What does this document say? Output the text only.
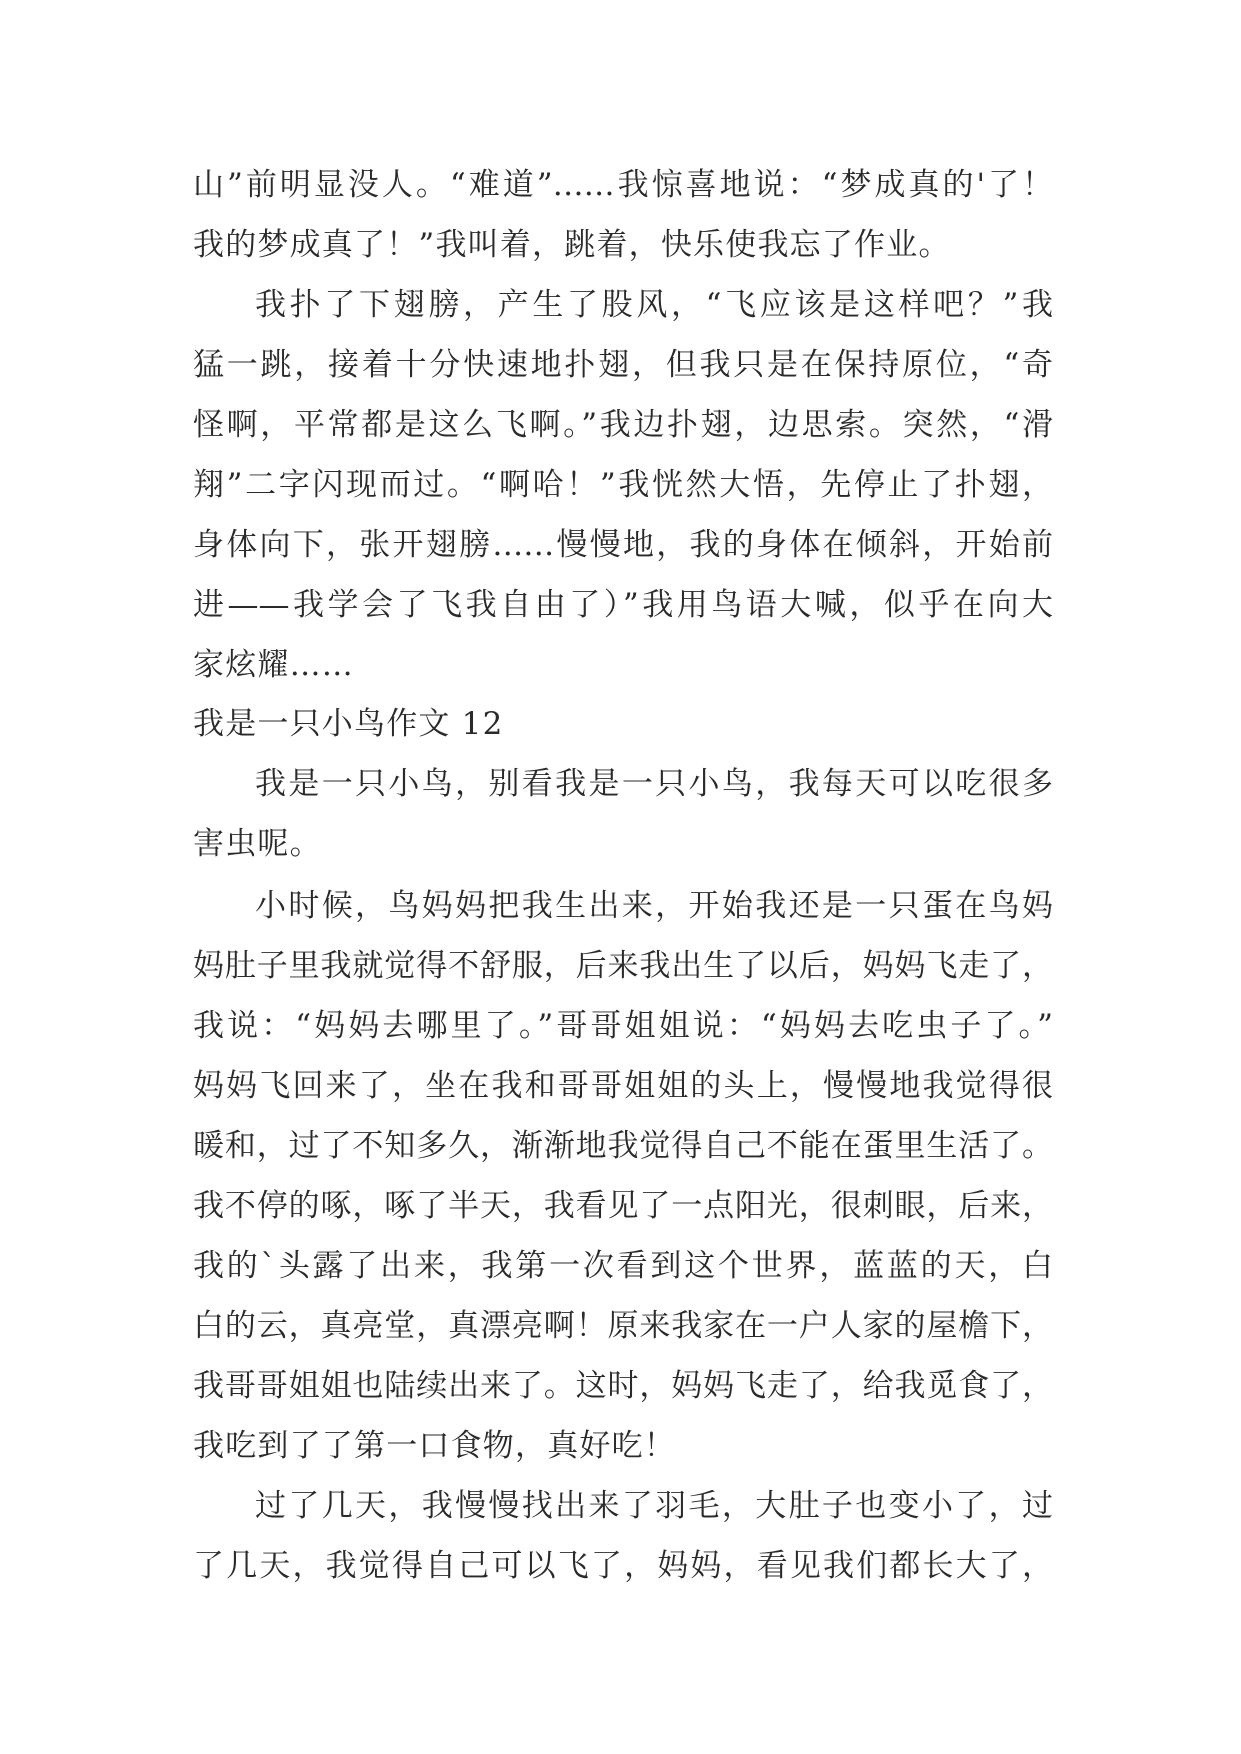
山”前明显没人。“难道”……我惊喜地说：“梦成真的'了！
我的梦成真了！”我叫着，跳着，快乐使我忘了作业。
我扑了下翅膀，产生了股风，“飞应该是这样吧？”我
猛一跳，接着十分快速地扑翅，但我只是在保持原位，“奇
怪啊，平常都是这么飞啊。”我边扑翅，边思索。突然，“滑
翔”二字闪现而过。“啊哈！”我恍然大悟，先停止了扑翅，
身体向下，张开翅膀……慢慢地，我的身体在倾斜，开始前
进——我学会了飞我自由了）”我用鸟语大喊，似乎在向大
家炫耀……
我是一只小鸟作文 12
我是一只小鸟，别看我是一只小鸟，我每天可以吃很多
害虫呢。
小时候，鸟妈妈把我生出来，开始我还是一只蛋在鸟妈
妈肚子里我就觉得不舒服，后来我出生了以后，妈妈飞走了，
我说：“妈妈去哪里了。”哥哥姐姐说：“妈妈去吃虫子了。”
妈妈飞回来了，坐在我和哥哥姐姐的头上，慢慢地我觉得很
暖和，过了不知多久，渐渐地我觉得自己不能在蛋里生活了。
我不停的啄，啄了半天，我看见了一点阳光，很刺眼，后来，
我的`头露了出来，我第一次看到这个世界，蓝蓝的天，白
白的云，真亮堂，真漂亮啊！原来我家在一户人家的屋檐下，
我哥哥姐姐也陆续出来了。这时，妈妈飞走了，给我觅食了，
我吃到了了第一口食物，真好吃！
过了几天，我慢慢找出来了羽毛，大肚子也变小了，过
了几天，我觉得自己可以飞了，妈妈，看见我们都长大了，
